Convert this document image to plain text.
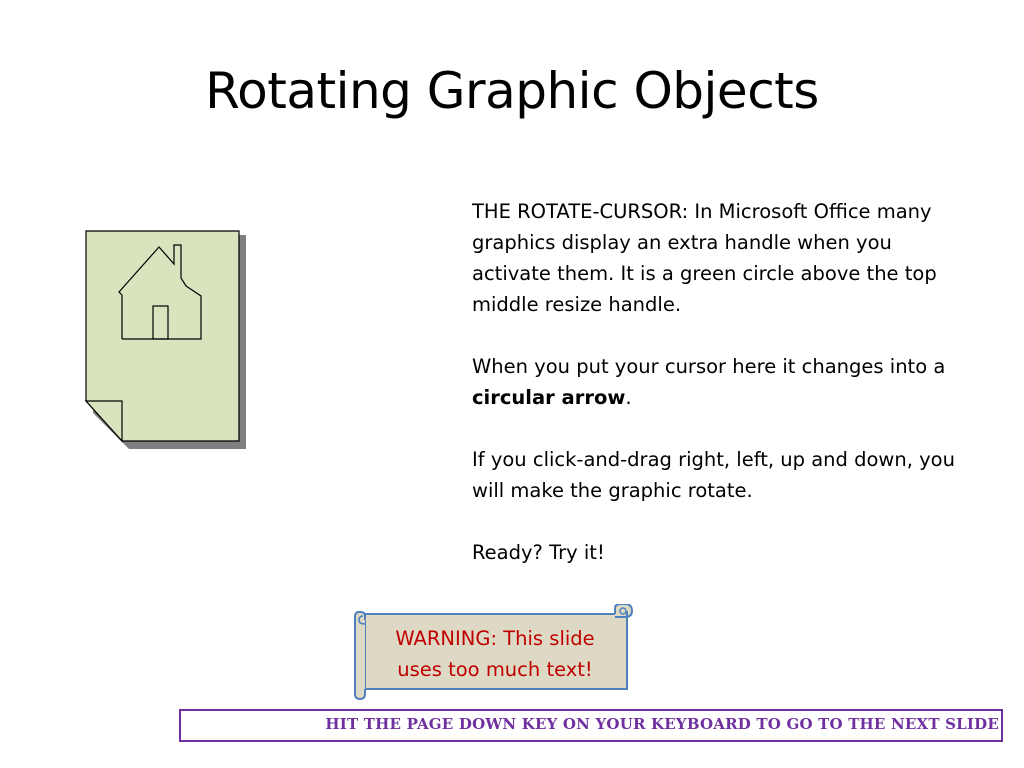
Rotating Graphic Objects

THE ROTATE-CURSOR: In Microsoft Office many graphics display an extra handle when you activate them. It is a green circle above the top middle resize handle.

When you put your cursor here it changes into a circular arrow.

If you click-and-drag right, left, up and down, you will make the graphic rotate.

Ready? Try it!

WARNING: This slide
uses too much text!
HIT THE PAGE DOWN KEY ON YOUR KEYBOARD TO GO TO THE NEXT SLIDE
